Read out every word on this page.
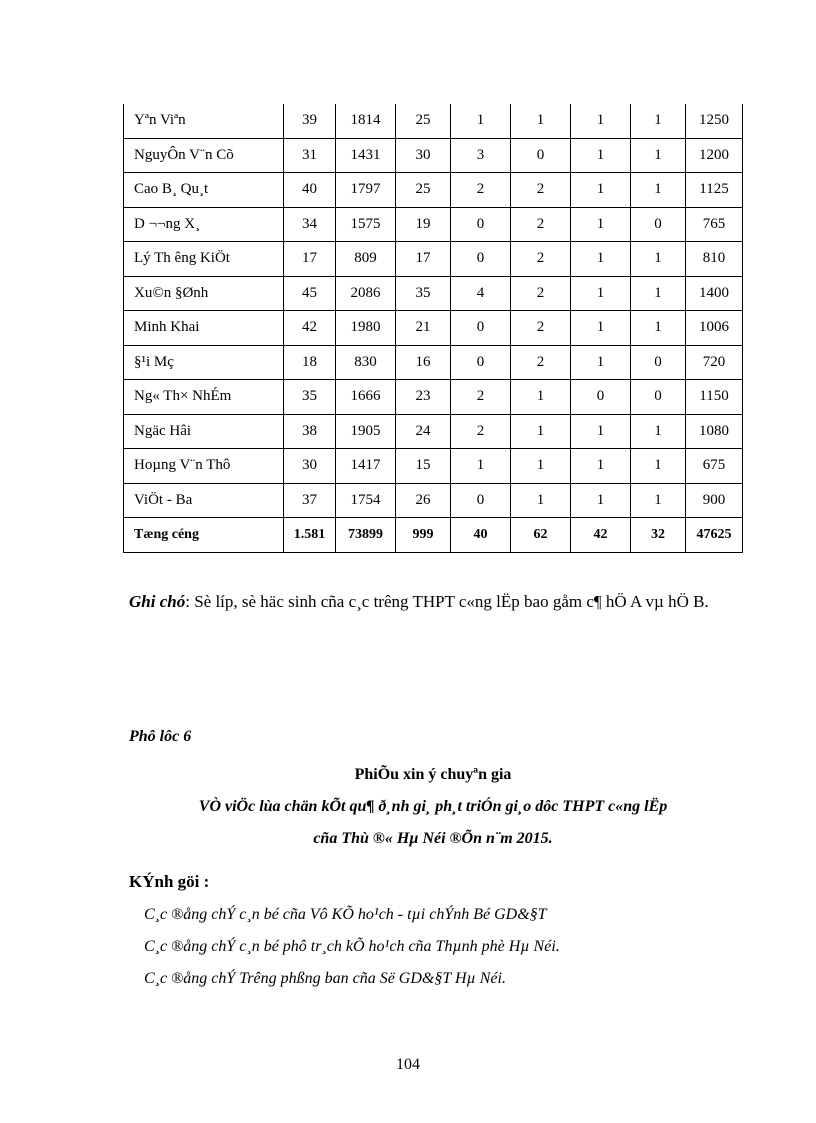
Yªn Viªn	39	1814	25	1	1	1	1	1250
NguyÔn V¨n Cõ	31	1431	30	3	0	1	1	1200
Cao B¸ Qu¸t	40	1797	25	2	2	1	1	1125
D ¬¬ng X¸	34	1575	19	0	2	1	0	765
Lý Th êng KiÖt	17	809	17	0	2	1	1	810
Xu©n §Ønh	45	2086	35	4	2	1	1	1400
Minh Khai	42	1980	21	0	2	1	1	1006
§¹i Mç	18	830	16	0	2	1	0	720
Ng« Th× NhÉm	35	1666	23	2	1	0	0	1150
Ngäc Hâi	38	1905	24	2	1	1	1	1080
Hoµng V¨n Thô	30	1417	15	1	1	1	1	675
ViÖt - Ba	37	1754	26	0	1	1	1	900
Tæng céng	1.581	73899	999	40	62	42	32	47625
Ghi chó: Sè líp, sè häc sinh cña c¸c trêng THPT c«ng lËp bao gåm c¶ hÖ A vµ hÖ B.
Phô lôc 6
PhiÕu xin ý chuyªn gia
VÒ viÖc lùa chän kÕt qu¶ ð¸nh gi¸ ph¸t triÓn gi¸o dôc THPT c«ng lËp
cña Thù ®« Hµ Néi ®Õn n¨m 2015.
KÝnh göi :
C¸c ®ång chÝ c¸n bé cña Vô KÕ ho¹ch - tµi chÝnh Bé GD&§T
C¸c ®ång chÝ c¸n bé phô tr¸ch kÕ ho¹ch cña Thµnh phè Hµ Néi.
C¸c ®ång chÝ Trêng phßng ban cña Së GD&§T Hµ Néi.
104
